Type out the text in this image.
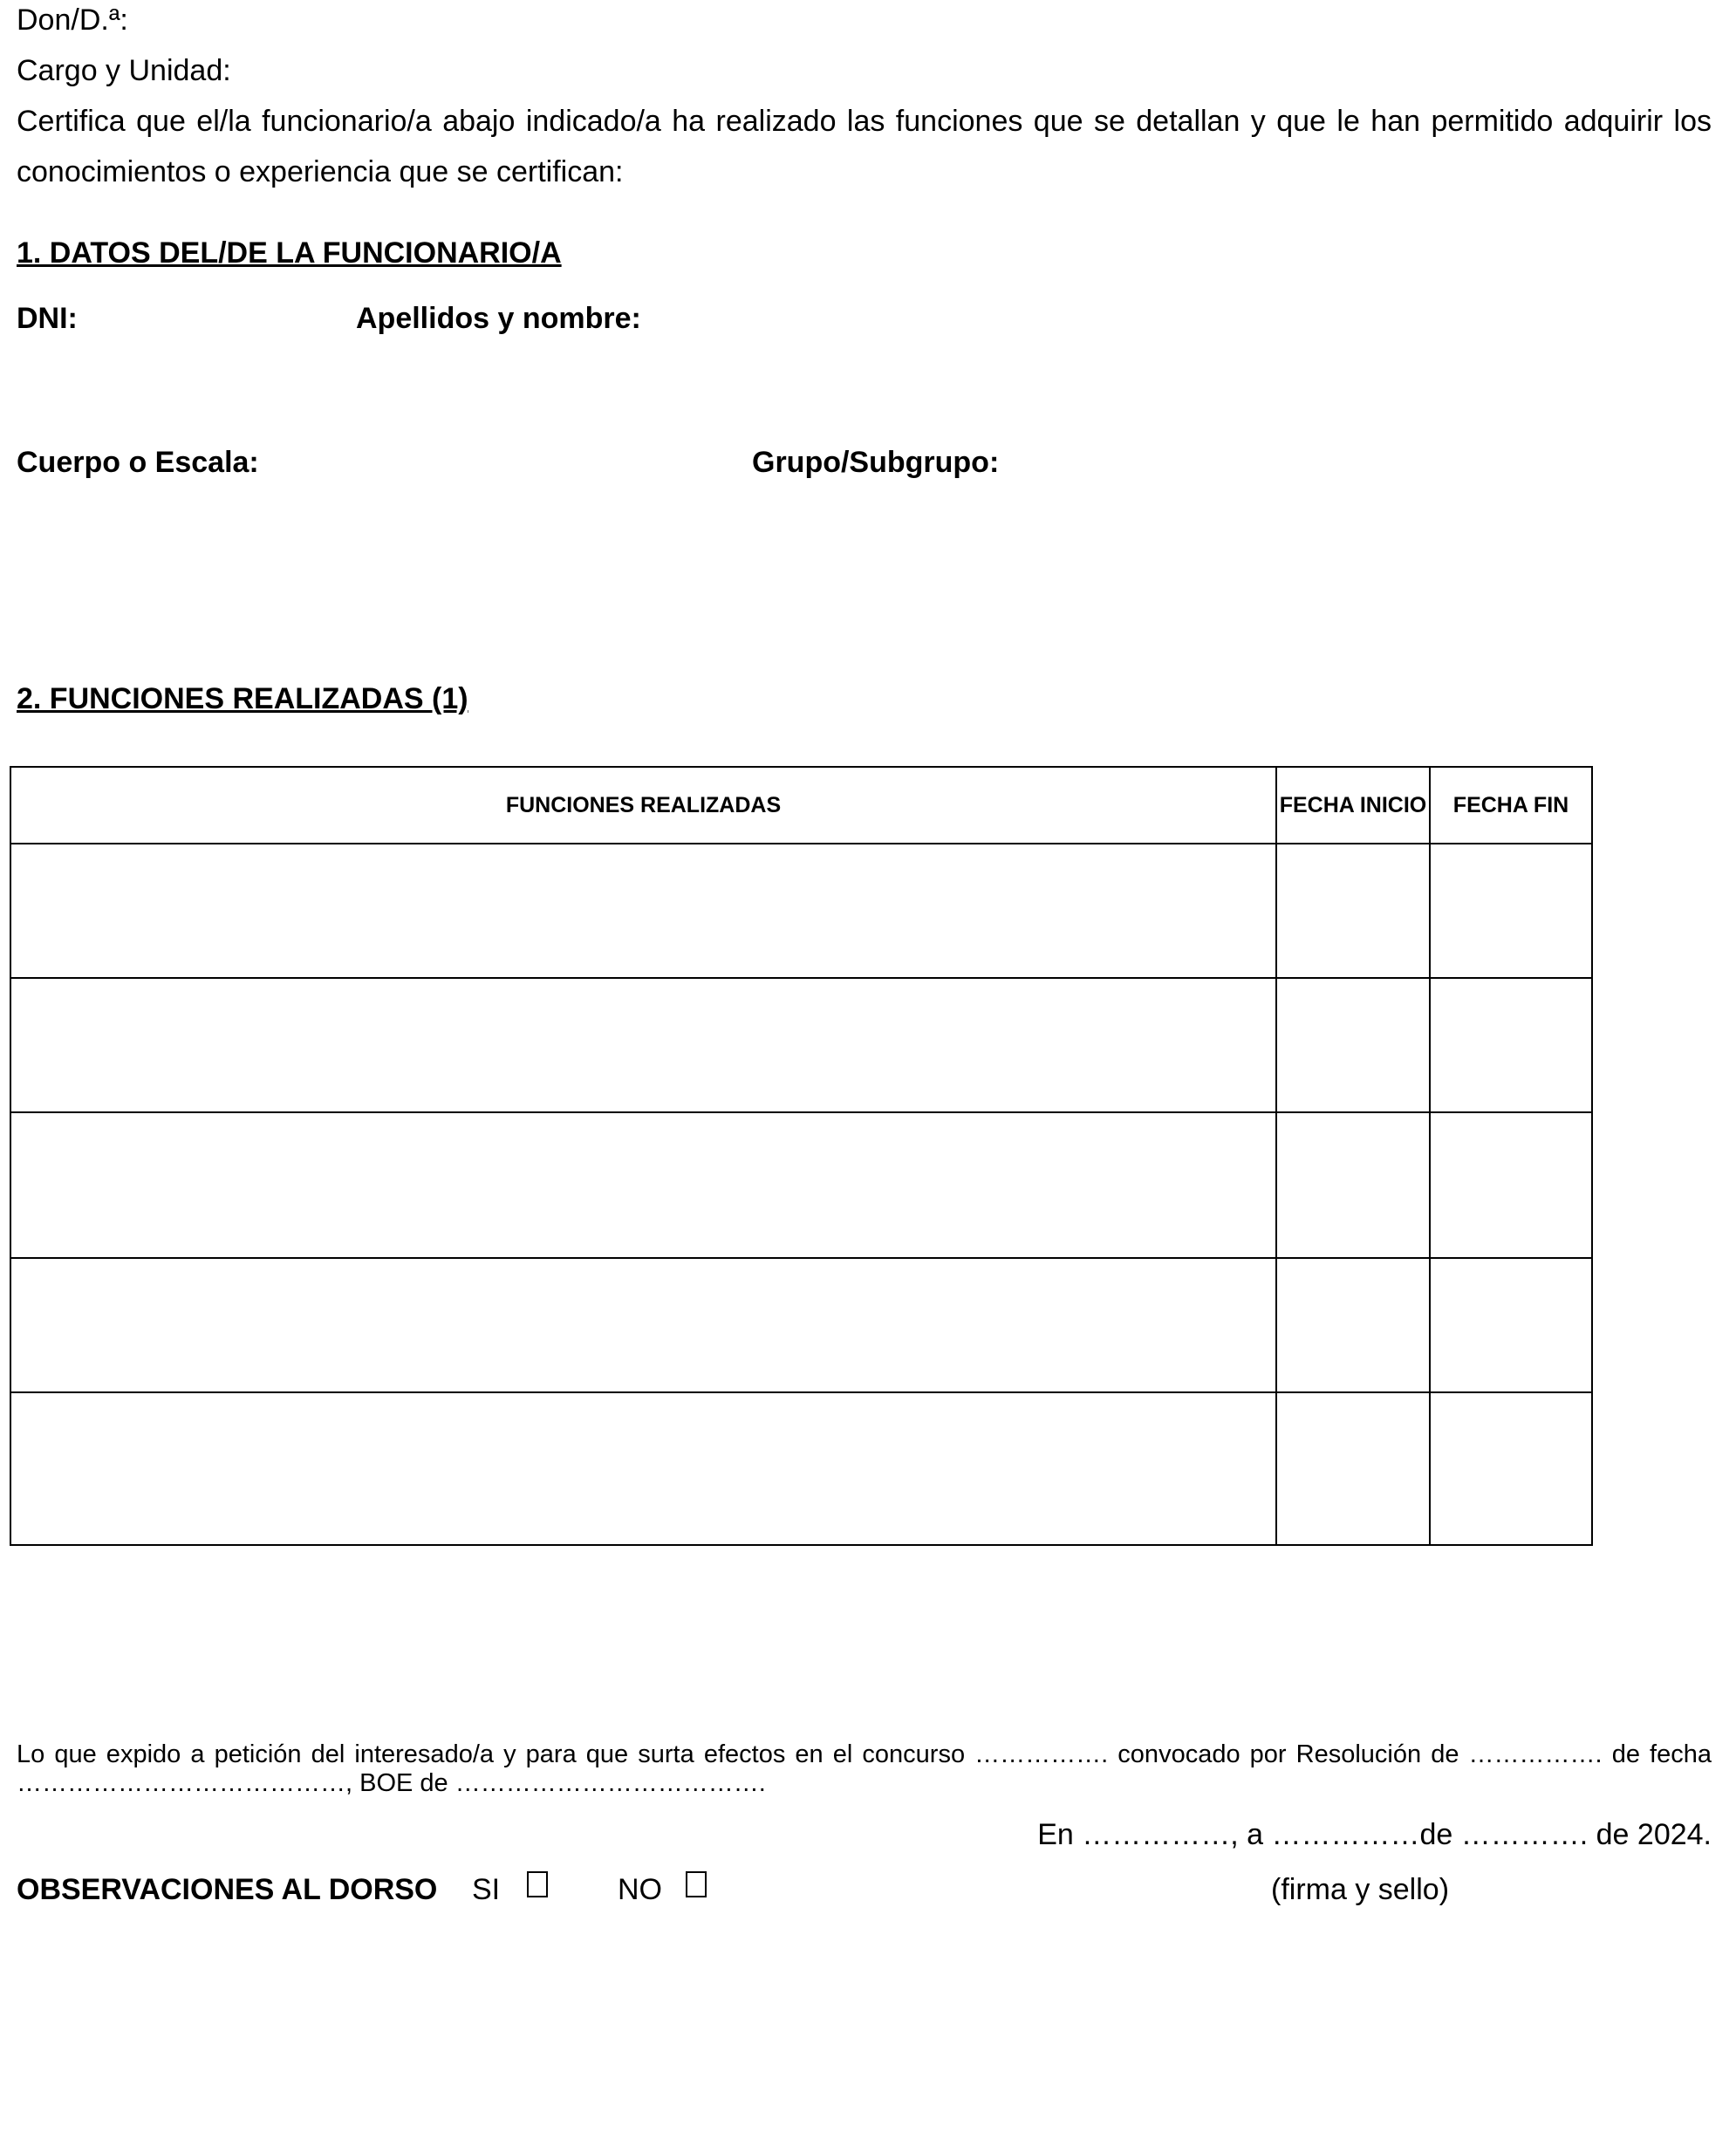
Don/D.ª:

Cargo y Unidad:

Certifica que el/la funcionario/a abajo indicado/a ha realizado las funciones que se detallan y que le han permitido adquirir los conocimientos o experiencia que se certifican:

1. DATOS DEL/DE LA FUNCIONARIO/A

DNI:	Apellidos y nombre:

Cuerpo o Escala:	Grupo/Subgrupo:

2. FUNCIONES REALIZADAS (1)

FUNCIONES REALIZADAS	FECHA INICIO	FECHA FIN

Lo que expido a petición del interesado/a y para que surta efectos en el concurso ……………. convocado por Resolución de ……………. de fecha …………………………………, BOE de ……………………………….

En ……………, a ……………de …………. de 2024.

OBSERVACIONES AL DORSO SI	NO	(firma y sello)
